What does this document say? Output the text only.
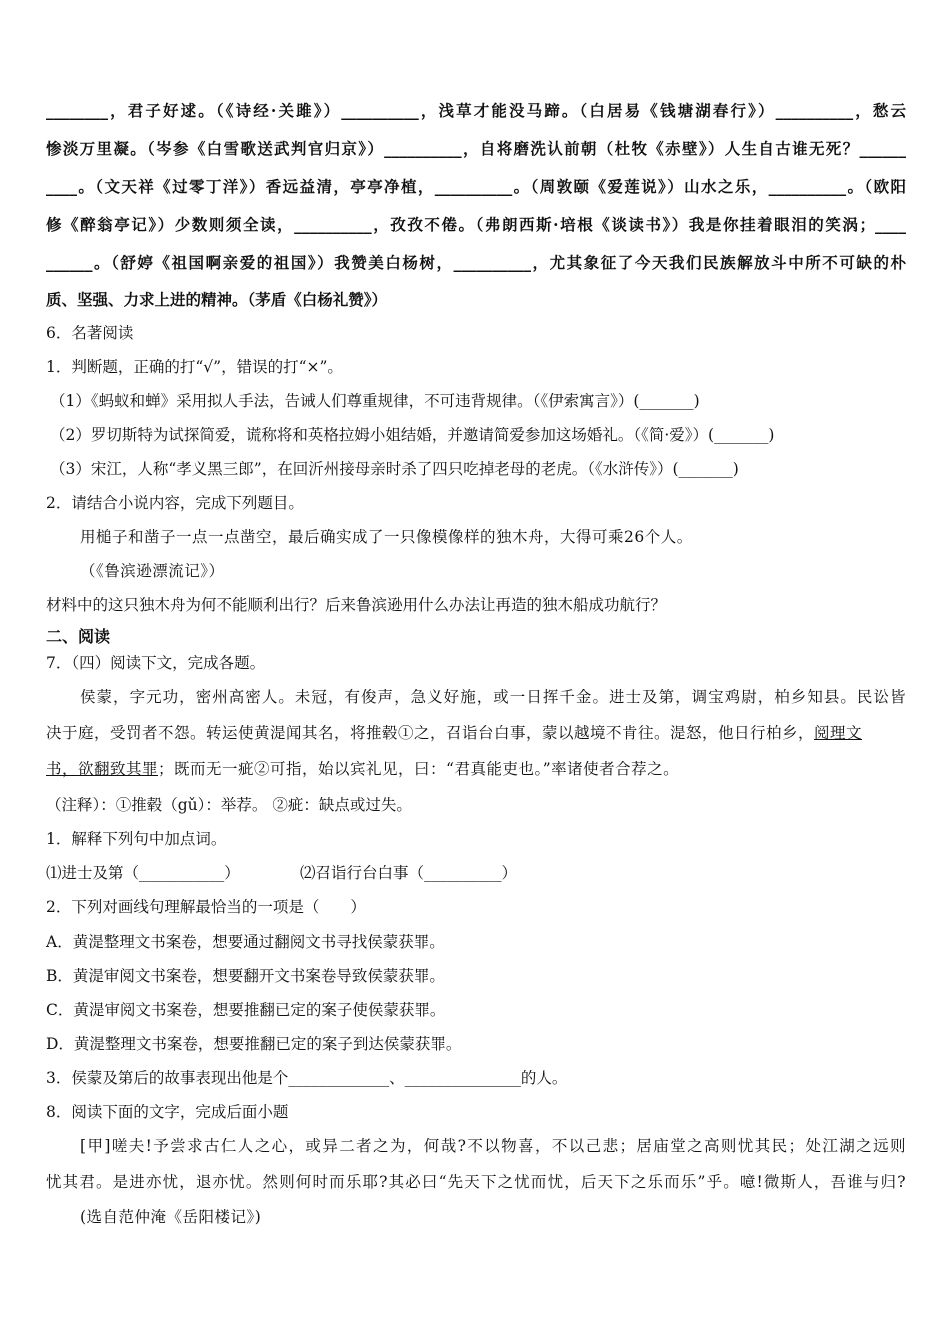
________，君子好逑。（《诗经·关雎》）__________，浅草才能没马蹄。（白居易《钱塘湖春行》）__________，愁云
惨淡万里凝。（岑参《白雪歌送武判官归京》）__________，自将磨洗认前朝（杜牧《赤壁》）人生自古谁无死？______
____。（文天祥《过零丁洋》）香远益清，亭亭净植，__________。（周敦颐《爱莲说》）山水之乐，__________。（欧阳
修《醉翁亭记》）少数则须全读，__________，孜孜不倦。（弗朗西斯·培根《谈读书》）我是你挂着眼泪的笑涡；____
______。（舒婷《祖国啊亲爱的祖国》）我赞美白杨树，__________，尤其象征了今天我们民族解放斗中所不可缺的朴
质、坚强、力求上进的精神。（茅盾《白杨礼赞》）
6．名著阅读
1．判断题，正确的打“√”，错误的打“×”。
（1）《蚂蚁和蝉》采用拟人手法，告诫人们尊重规律，不可违背规律。（《伊索寓言》）(_______)
（2）罗切斯特为试探简爱，谎称将和英格拉姆小姐结婚，并邀请简爱参加这场婚礼。（《简·爱》）(_______)
（3）宋江，人称“孝义黑三郎”，在回沂州接母亲时杀了四只吃掉老母的老虎。（《水浒传》）(_______)
2．请结合小说内容，完成下列题目。
用槌子和凿子一点一点凿空，最后确实成了一只像模像样的独木舟，大得可乘26个人。
（《鲁滨逊漂流记》）
材料中的这只独木舟为何不能顺利出行？后来鲁滨逊用什么办法让再造的独木船成功航行？
二、阅读
7．（四）阅读下文，完成各题。
侯蒙，字元功，密州高密人。未冠，有俊声，急义好施，或一日挥千金。进士及第，调宝鸡尉，柏乡知县。民讼皆
决于庭，受罚者不怨。转运使黄湜闻其名，将推毂①之，召诣台白事，蒙以越境不肯往。湜怒，他日行柏乡，阅理文
书，欲翻致其罪；既而无一疵②可指，始以宾礼见，曰：“君真能吏也。”率诸使者合荐之。
（注释）：①推毂（gǔ）：举荐。 ②疵：缺点或过失。
1．解释下列句中加点词。
⑴进士及第（___________）	⑵召诣行台白事（__________）
2．下列对画线句理解最恰当的一项是（　　）
A．黄湜整理文书案卷，想要通过翻阅文书寻找侯蒙获罪。
B．黄湜审阅文书案卷，想要翻开文书案卷导致侯蒙获罪。
C．黄湜审阅文书案卷，想要推翻已定的案子使侯蒙获罪。
D．黄湜整理文书案卷，想要推翻已定的案子到达侯蒙获罪。
3．侯蒙及第后的故事表现出他是个_____________、_______________的人。
8．阅读下面的文字，完成后面小题
[甲]嗟夫!予尝求古仁人之心，或异二者之为，何哉?不以物喜，不以己悲；居庙堂之高则忧其民；处江湖之远则
忧其君。是进亦忧，退亦忧。然则何时而乐耶?其必曰“先天下之忧而忧，后天下之乐而乐”乎。噫!微斯人，吾谁与归?
(选自范仲淹《岳阳楼记》)
